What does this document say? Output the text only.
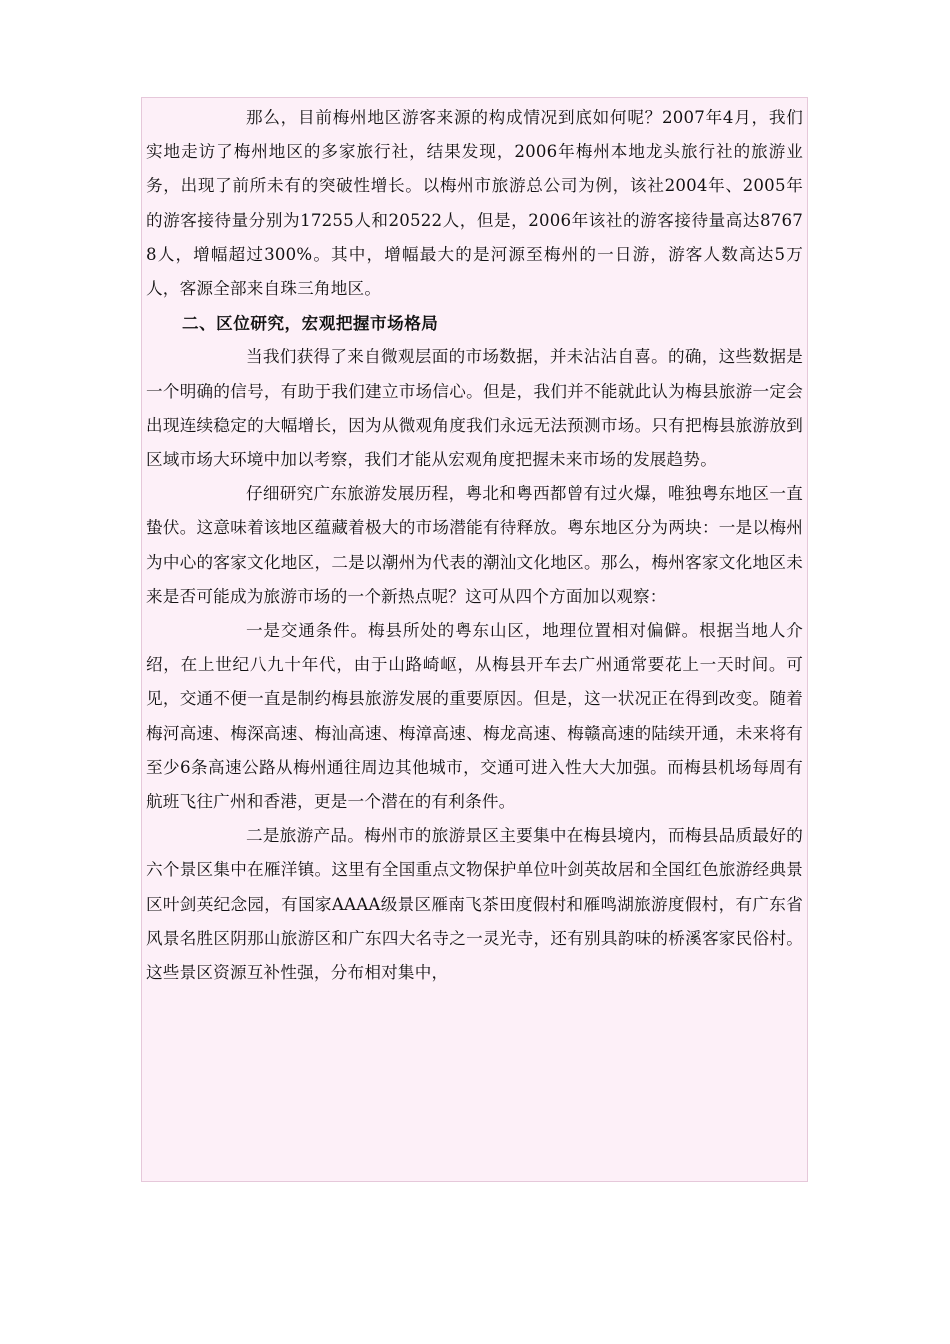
那么，目前梅州地区游客来源的构成情况到底如何呢？2007年4月，我们实地走访了梅州地区的多家旅行社，结果发现，2006年梅州本地龙头旅行社的旅游业务，出现了前所未有的突破性增长。以梅州市旅游总公司为例，该社2004年、2005年的游客接待量分别为17255人和20522人，但是，2006年该社的游客接待量高达87678人，增幅超过300%。其中，增幅最大的是河源至梅州的一日游，游客人数高达5万人，客源全部来自珠三角地区。

二、区位研究，宏观把握市场格局

当我们获得了来自微观层面的市场数据，并未沾沾自喜。的确，这些数据是一个明确的信号，有助于我们建立市场信心。但是，我们并不能就此认为梅县旅游一定会出现连续稳定的大幅增长，因为从微观角度我们永远无法预测市场。只有把梅县旅游放到区域市场大环境中加以考察，我们才能从宏观角度把握未来市场的发展趋势。

仔细研究广东旅游发展历程，粤北和粤西都曾有过火爆，唯独粤东地区一直蛰伏。这意味着该地区蕴藏着极大的市场潜能有待释放。粤东地区分为两块：一是以梅州为中心的客家文化地区，二是以潮州为代表的潮汕文化地区。那么，梅州客家文化地区未来是否可能成为旅游市场的一个新热点呢？这可从四个方面加以观察：

一是交通条件。梅县所处的粤东山区，地理位置相对偏僻。根据当地人介绍，在上世纪八九十年代，由于山路崎岖，从梅县开车去广州通常要花上一天时间。可见，交通不便一直是制约梅县旅游发展的重要原因。但是，这一状况正在得到改变。随着梅河高速、梅深高速、梅汕高速、梅漳高速、梅龙高速、梅赣高速的陆续开通，未来将有至少6条高速公路从梅州通往周边其他城市，交通可进入性大大加强。而梅县机场每周有航班飞往广州和香港，更是一个潜在的有利条件。

二是旅游产品。梅州市的旅游景区主要集中在梅县境内，而梅县品质最好的六个景区集中在雁洋镇。这里有全国重点文物保护单位叶剑英故居和全国红色旅游经典景区叶剑英纪念园，有国家AAAA级景区雁南飞茶田度假村和雁鸣湖旅游度假村，有广东省风景名胜区阴那山旅游区和广东四大名寺之一灵光寺，还有别具韵味的桥溪客家民俗村。这些景区资源互补性强，分布相对集中，
